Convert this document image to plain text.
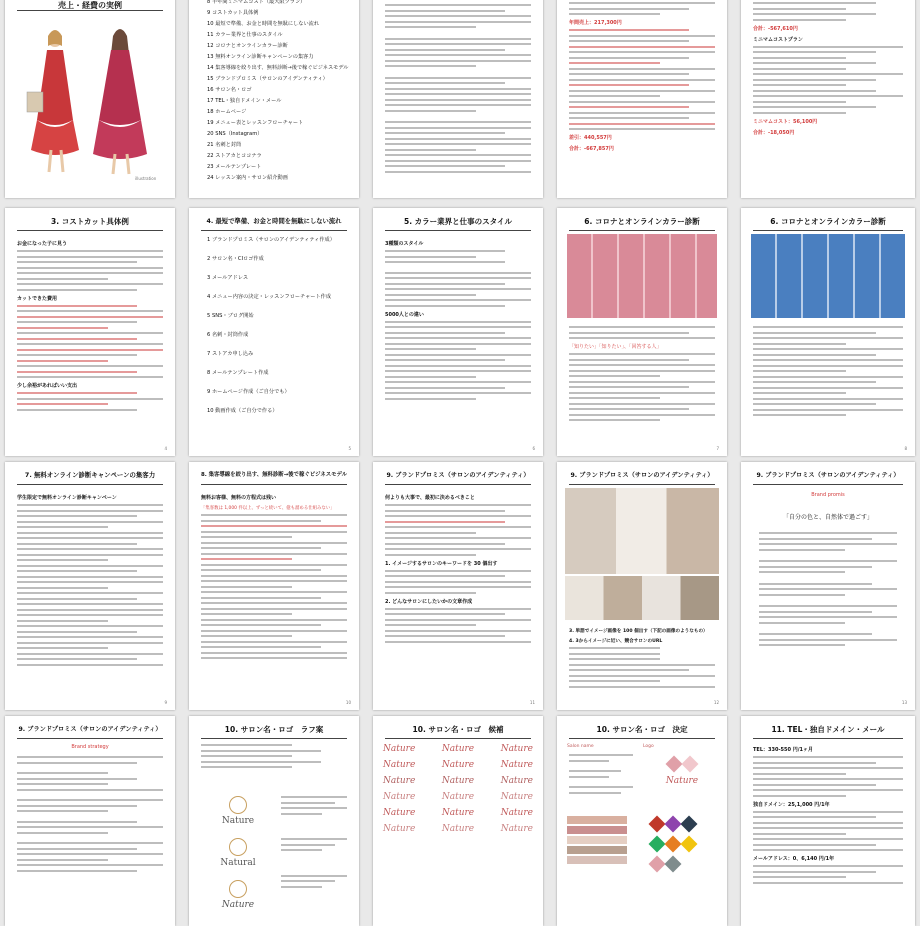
売上・経費の実例
illustration
8 半年間ミニマムコスト（最大限プラン）
9 コストカット具体例
10 最短で準備、お金と時間を無駄にしない流れ
11 カラー業界と仕事のスタイル
12 コロナとオンラインカラー診断
13 無料オンライン診断キャンペーンの集客力
14 集客導線を絞り出す、無料診断→後で稼ぐビジネスモデル
15 ブランドプロミス（サロンのアイデンティティ）
16 サロン名・ロゴ
17 TEL・独自ドメイン・メール
18 ホームページ
19 メニュー表とレッスンフローチャート
20 SNS（Instagram）
21 名刺と封筒
22 ストアカとココナラ
23 メールテンプレート
24 レッスン案内・サロン紹介動画
年間売上：217,300円
差引：440,557円
合計：-667,857円
合計：-567,610円
ミニマムコストプラン
ミニマムコスト：56,100円
合計：-18,050円
3. コストカット具体例
お金になった子に見う
カットできた費用
少し余裕があればいい支出
4
4. 最短で準備、お金と時間を無駄にしない流れ
1 ブランドプロミス（サロンのアイデンティティ作成）
2 サロン名・CIロゴ作成
3 メールアドレス
4 メニュー内容の決定・レッスンフローチャート作成
5 SNS・ブログ開始
6 名刺・封筒作成
7 ストアカ申し込み
8 メールテンプレート作成
9 ホームページ作成（ご自分でも）
10 動画作成（ご自分で作る）
5
5. カラー業界と仕事のスタイル
3種類のスタイル
5000人との違い
6
6. コロナとオンラインカラー診断
「知りたい」「知りたい」、「回答する人」
7
6. コロナとオンラインカラー診断
8
7. 無料オンライン診断キャンペーンの集客力
学生限定で無料オンライン診断キャンペーン
9
8. 集客導線を絞り出す、無料診断→後で稼ぐビジネスモデル
無料お客様、無料の方程式は残い
「集客数は 1,000 件以上、ずっと続いて、億も溜める仕組みない」
10
9. ブランドプロミス（サロンのアイデンティティ）
何よりも大事で、最初に決めるべきこと
1. イメージするサロンのキーワードを 30 個出す
2. どんなサロンにしたいかの文章作成
11
9. ブランドプロミス（サロンのアイデンティティ）
3. 単語でイメージ画像を 100 個出す（下記の画像のようなもの）
4. 3からイメージに近い、競合サロンのURL
12
9. ブランドプロミス（サロンのアイデンティティ）
Brand promis
「自分の色と、自然体で過ごす」
13
9. ブランドプロミス（サロンのアイデンティティ）
Brand strategy
10. サロン名・ロゴ　ラフ案
Nature
Natural
Nature
10. サロン名・ロゴ　候補
Nature	Nature	Nature
Nature	Nature	Nature
Nature	Nature	Nature
Nature	Nature	Nature
Nature	Nature	Nature
Nature	Nature	Nature
10. サロン名・ロゴ　決定
Salon name	Logo
Nature

11. TEL・独自ドメイン・メール
TEL：330-550 円/1ヶ月
独自ドメイン：25,1,000 円/1年
メールアドレス：0、6,140 円/1年
